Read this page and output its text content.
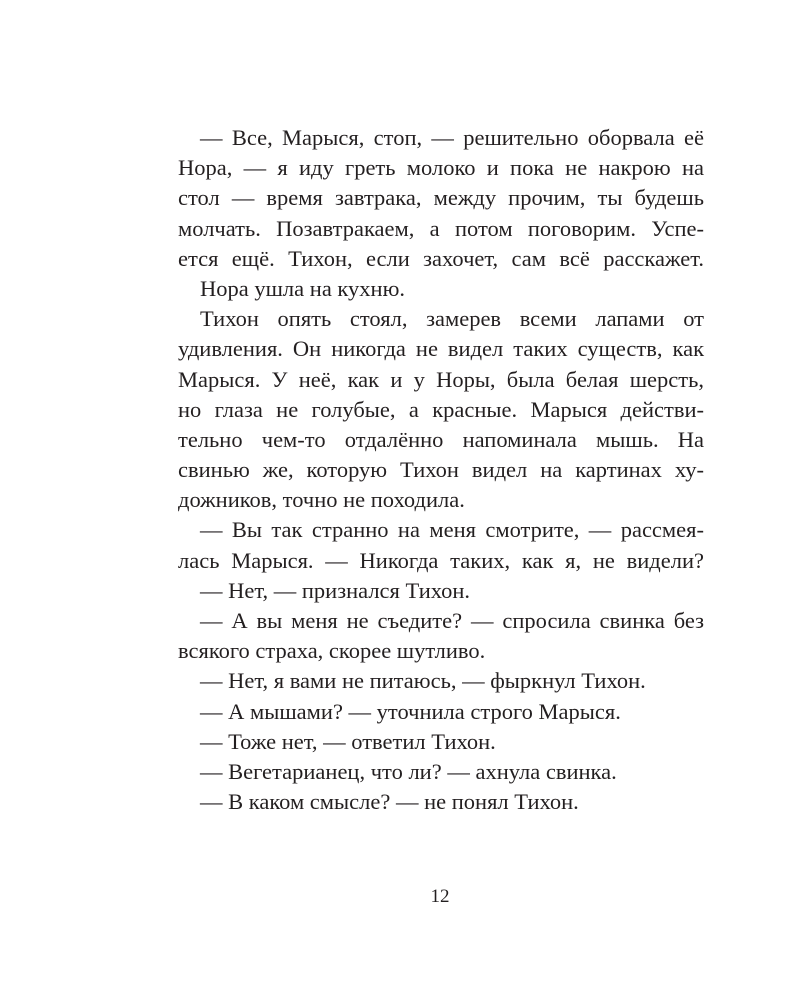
— Все, Марыся, стоп, — решительно оборвала её
Нора, — я иду греть молоко и пока не накрою на
стол — время завтрака, между прочим, ты будешь
молчать. Позавтракаем, а потом поговорим. Успе-
ется ещё. Тихон, если захочет, сам всё расскажет.
Нора ушла на кухню.
Тихон опять стоял, замерев всеми лапами от
удивления. Он никогда не видел таких существ, как
Марыся. У неё, как и у Норы, была белая шерсть,
но глаза не голубые, а красные. Марыся действи-
тельно чем-то отдалённо напоминала мышь. На
свинью же, которую Тихон видел на картинах ху-
дожников, точно не походила.
— Вы так странно на меня смотрите, — рассмея-
лась Марыся. — Никогда таких, как я, не видели?
— Нет, — признался Тихон.
— А вы меня не съедите? — спросила свинка без
всякого страха, скорее шутливо.
— Нет, я вами не питаюсь, — фыркнул Тихон.
— А мышами? — уточнила строго Марыся.
— Тоже нет, — ответил Тихон.
— Вегетарианец, что ли? — ахнула свинка.
— В каком смысле? — не понял Тихон.
12
